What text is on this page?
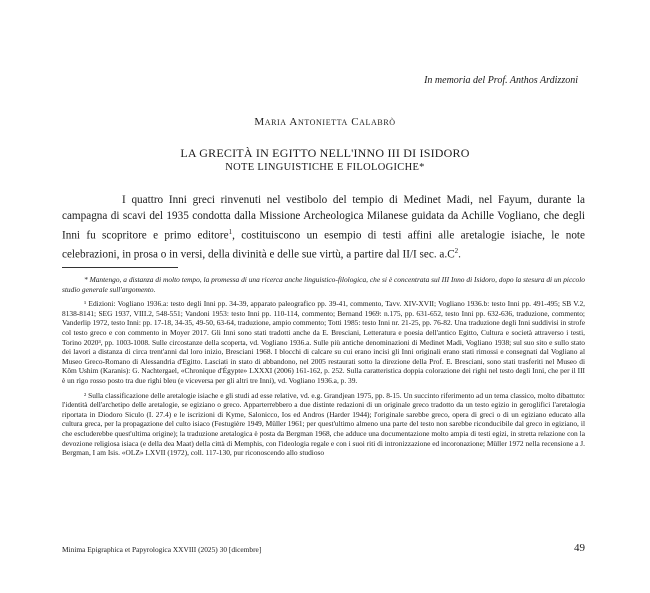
In memoria del Prof. Anthos Ardizzoni
Maria Antonietta Calabrò
LA GRECITÀ IN EGITTO NELL'INNO III DI ISIDORO
NOTE LINGUISTICHE E FILOLOGICHE*
I quattro Inni greci rinvenuti nel vestibolo del tempio di Medinet Madi, nel Fayum, durante la campagna di scavi del 1935 condotta dalla Missione Archeologica Milanese guidata da Achille Vogliano, che degli Inni fu scopritore e primo editore$^1$, costituiscono un esempio di testi affini alle aretalogie isiache, le note celebrazioni, in prosa o in versi, della divinità e delle sue virtù, a partire dal II/I sec. $a.C^2$.

* Mantengo, a distanza di molto tempo, la promessa di una ricerca anche linguistico-filologica, che si è concentrata sul III Inno di Isidoro, dopo la stesura di un piccolo studio generale sull'argomento.

¹ Edizioni: Vogliano 1936.a: testo degli Inni pp. 34-39, apparato paleografico pp. 39-41, commento, Tavv. XIV-XVII; Vogliano 1936.b: testo Inni pp. 491-495; SB V.2, 8138-8141; SEG 1937, VIII.2, 548-551; Vandoni 1953: testo Inni pp. 110-114, commento; Bernand 1969: n.175, pp. 631-652, testo Inni pp. 632-636, traduzione, commento; Vanderlip 1972, testo Inni: pp. 17-18, 34-35, 49-50, 63-64, traduzione, ampio commento; Totti 1985: testo Inni nr. 21-25, pp. 76-82. Una traduzione degli Inni suddivisi in strofe col testo greco e con commento in Moyer 2017. Gli Inni sono stati tradotti anche da E. Bresciani, Letteratura e poesia dell'antico Egitto, Cultura e società attraverso i testi, Torino 2020³, pp. 1003-1008. Sulle circostanze della scoperta, vd. Vogliano 1936.a. Sulle più antiche denominazioni di Medinet Madi, Vogliano 1938; sul suo sito e sullo stato dei lavori a distanza di circa trent'anni dal loro inizio, Bresciani 1968. I blocchi di calcare su cui erano incisi gli Inni originali erano stati rimossi e consegnati dal Vogliano al Museo Greco-Romano di Alessandria d'Egitto. Lasciati in stato di abbandono, nel 2005 restaurati sotto la direzione della Prof. E. Bresciani, sono stati trasferiti nel Museo di Kôm Ushim (Karanis): G. Nachtergael, «Chronique d'Égypte» LXXXI (2006) 161-162, p. 252. Sulla caratteristica doppia colorazione dei righi nel testo degli Inni, che per il III è un rigo rosso posto tra due righi bleu (e viceversa per gli altri tre Inni), vd. Vogliano 1936.a, p. 39.

² Sulla classificazione delle aretalogie isiache e gli studi ad esse relative, vd. e.g. Grandjean 1975, pp. 8-15. Un succinto riferimento ad un tema classico, molto dibattuto: l'identità dell'archetipo delle aretalogie, se egiziano o greco. Apparterrebbero a due distinte redazioni di un originale greco tradotto da un testo egizio in geroglifici l'aretalogia riportata in Diodoro Siculo (I. 27.4) e le iscrizioni di Kyme, Salonicco, Ios ed Andros (Harder 1944); l'originale sarebbe greco, opera di greci o di un egiziano educato alla cultura greca, per la propagazione del culto isiaco (Festugière 1949, Müller 1961; per quest'ultimo almeno una parte del testo non sarebbe riconducibile dal greco in egiziano, il che escluderebbe quest'ultima origine); la traduzione aretalogica è posta da Bergman 1968, che adduce una documentazione molto ampia di testi egizi, in stretta relazione con la devozione religiosa isiaca (e della dea Maat) della città di Memphis, con l'ideologia regale e con i suoi riti di intronizzazione ed incoronazione; Müller 1972 nella recensione a J. Bergman, I am Isis. «OLZ» LXVII (1972), coll. 117-130, pur riconoscendo allo studioso

Minima Epigraphica et Papyrologica XXVIII (2025) 30 [dicembre]	49
